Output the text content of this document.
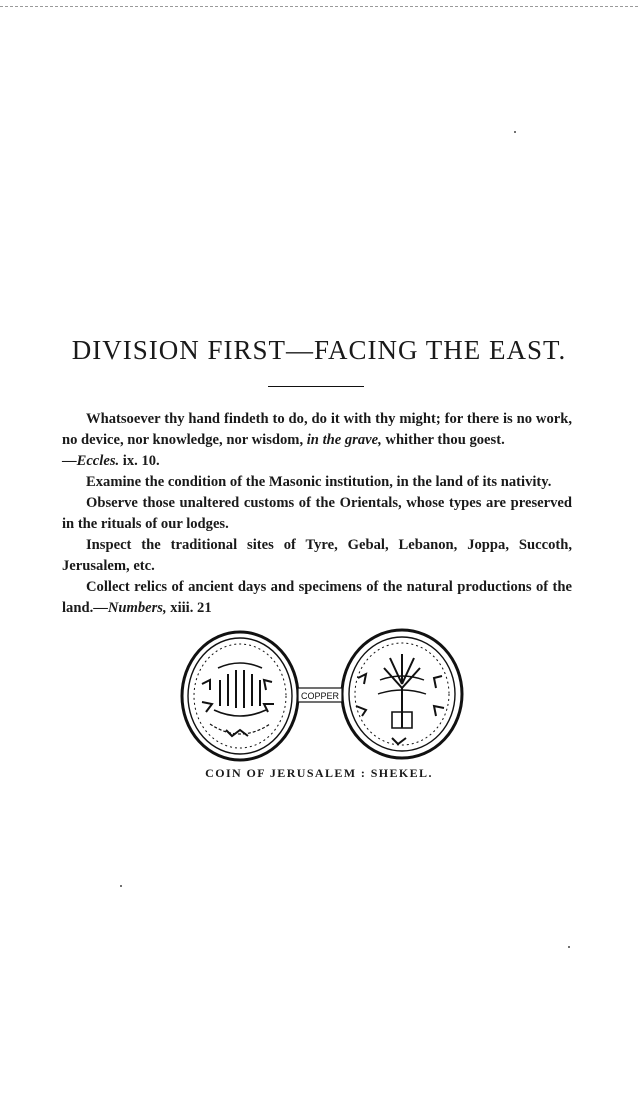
DIVISION FIRST—FACING THE EAST.

Whatsoever thy hand findeth to do, do it with thy might; for there is no work, no device, nor knowledge, nor wisdom, in the grave, whither thou goest.
—Eccles. ix. 10.

Examine the condition of the Masonic institution, in the land of its nativity.

Observe those unaltered customs of the Orientals, whose types are preserved in the rituals of our lodges.

Inspect the traditional sites of Tyre, Gebal, Lebanon, Joppa, Succoth, Jerusalem, etc.

Collect relics of ancient days and specimens of the natural productions of the land.—Numbers, xiii. 21

COPPER
COIN OF JERUSALEM : SHEKEL.
